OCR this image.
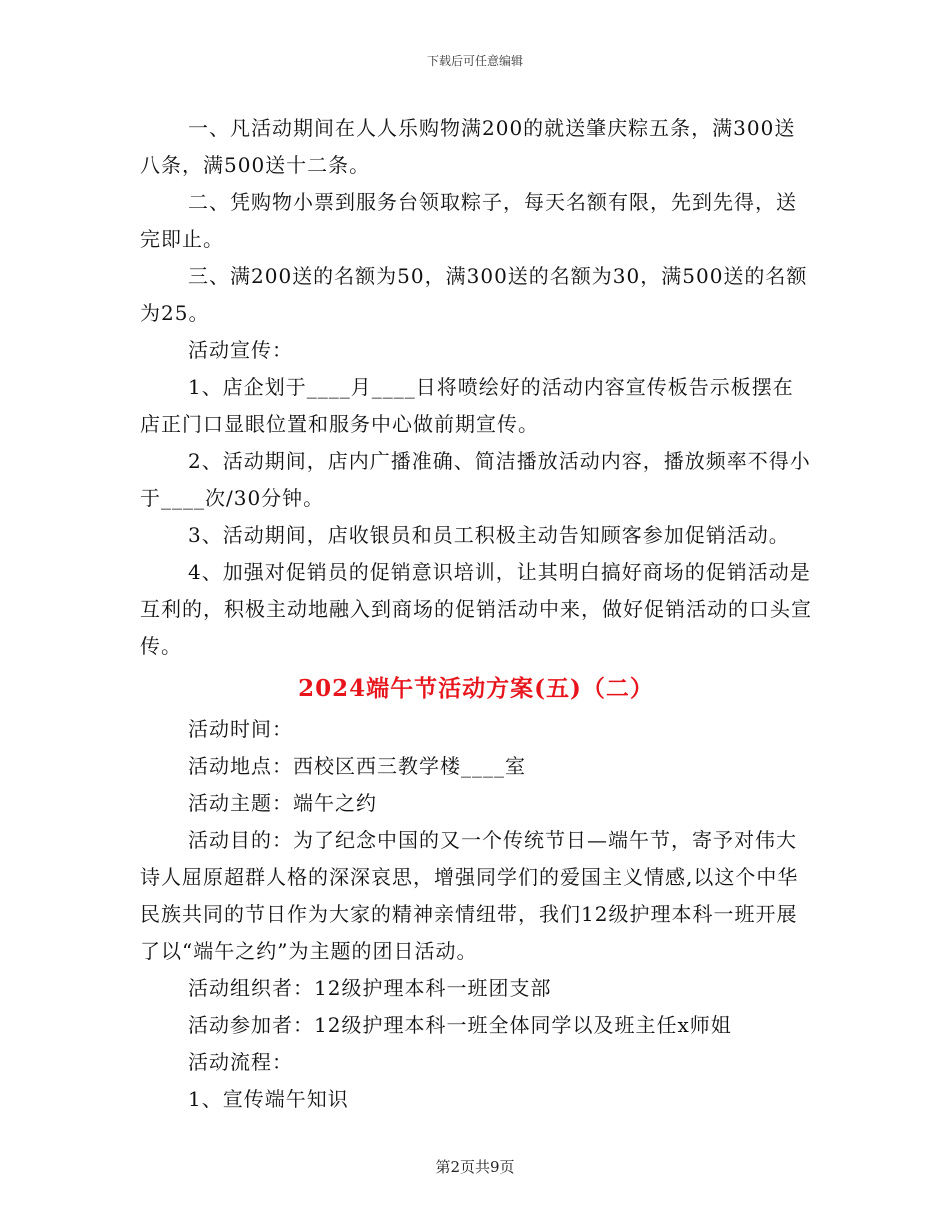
下载后可任意编辑

一、凡活动期间在人人乐购物满200的就送肇庆粽五条，满300送八条，满500送十二条。

二、凭购物小票到服务台领取粽子，每天名额有限，先到先得，送完即止。

三、满200送的名额为50，满300送的名额为30，满500送的名额为25。

活动宣传：

1、店企划于____月____日将喷绘好的活动内容宣传板告示板摆在店正门口显眼位置和服务中心做前期宣传。

2、活动期间，店内广播准确、简洁播放活动内容，播放频率不得小于____次/30分钟。

3、活动期间，店收银员和员工积极主动告知顾客参加促销活动。

4、加强对促销员的促销意识培训，让其明白搞好商场的促销活动是互利的，积极主动地融入到商场的促销活动中来，做好促销活动的口头宣传。

2024端午节活动方案(五)（二）

活动时间：

活动地点：西校区西三教学楼____室

活动主题：端午之约

活动目的：为了纪念中国的又一个传统节日—端午节，寄予对伟大诗人屈原超群人格的深深哀思，增强同学们的爱国主义情感,以这个中华民族共同的节日作为大家的精神亲情纽带，我们12级护理本科一班开展了以“端午之约”为主题的团日活动。

活动组织者：12级护理本科一班团支部

活动参加者：12级护理本科一班全体同学以及班主任x师姐

活动流程：

1、宣传端午知识

第2页共9页
